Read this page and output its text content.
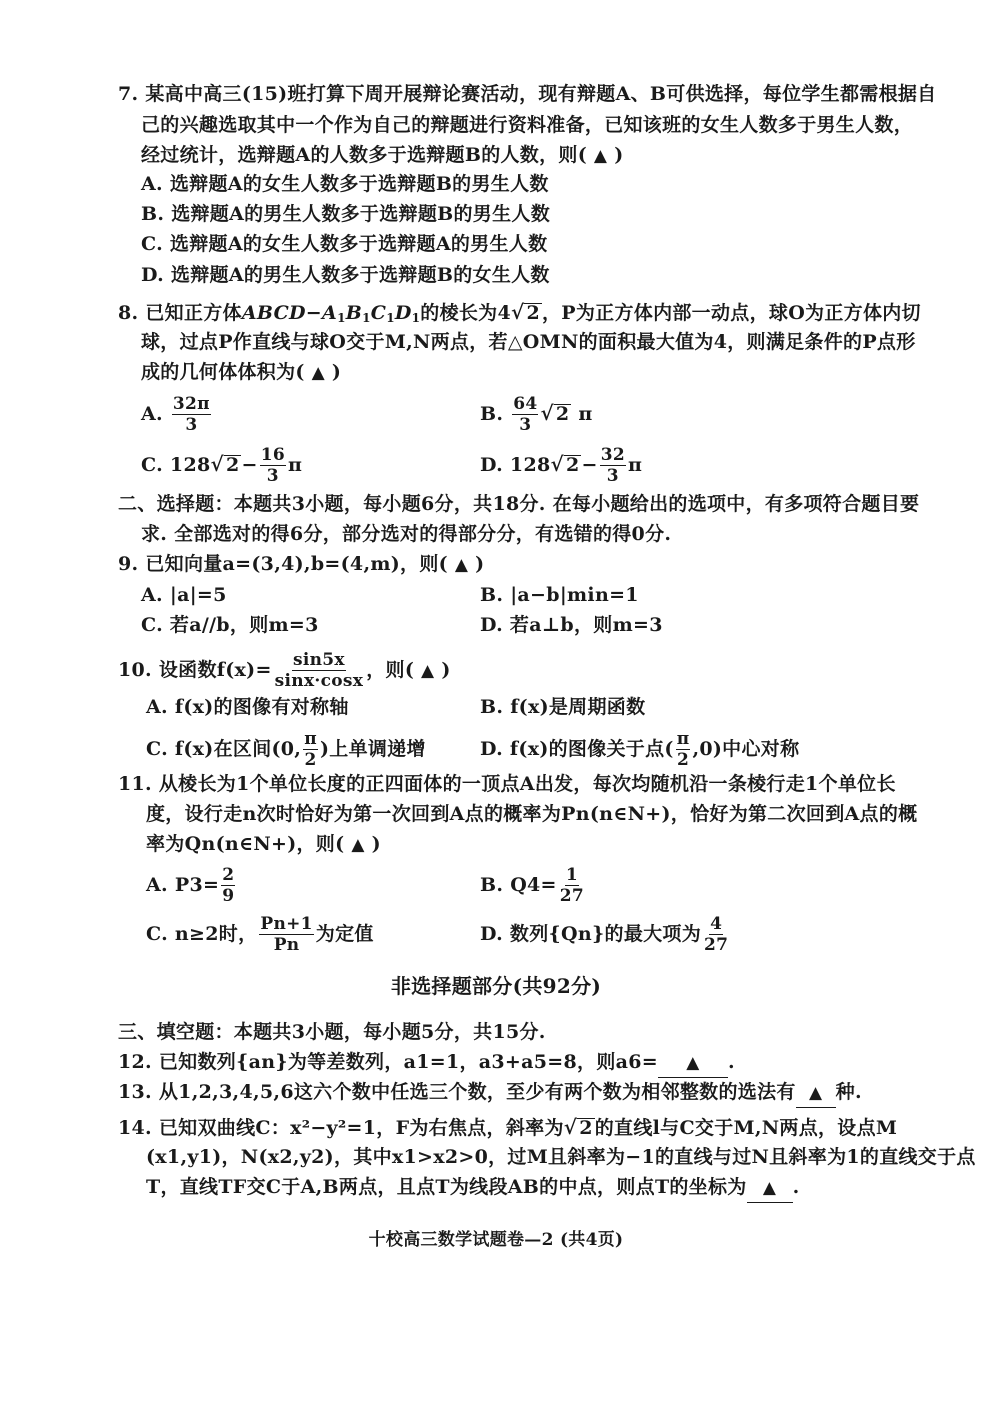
7. 某高中高三(15)班打算下周开展辩论赛活动，现有辩题A、B可供选择，每位学生都需根据自
己的兴趣选取其中一个作为自己的辩题进行资料准备，已知该班的女生人数多于男生人数，
经过统计，选辩题A的人数多于选辩题B的人数，则( ▲ )
A. 选辩题A的女生人数多于选辩题B的男生人数
B. 选辩题A的男生人数多于选辩题B的男生人数
C. 选辩题A的女生人数多于选辩题A的男生人数
D. 选辩题A的男生人数多于选辩题B的女生人数
8. 已知正方体$ABCD-A_1B_1C_1D_1$的棱长为4√ 2 ，P为正方体内部一动点，球O为正方体内切
球，过点P作直线与球O交于M,N两点，若△OMN的面积最大值为4，则满足条件的P点形
成的几何体体积为( ▲ )
A. $\frac{32\pi}{3}$	B. $\frac{64}{3}$ √ 2 π
C. 128√ $2 - \frac{16}{3}$ π	D. 128√ $2 - \frac{32}{3}$ π
二、选择题：本题共3小题，每小题6分，共18分. 在每小题给出的选项中，有多项符合题目要
求. 全部选对的得6分，部分选对的得部分分，有选错的得0分.
9. 已知向量a=(3,4),b=(4,m)，则( ▲ )
A. |a|=5	B. |a−b|min=1
C. 若a//b，则m=3	D. 若a⊥b，则m=3
10. 设函数$f(x)= \frac{\sin 5x}{\sin x\cdot\cos x}$ ，则( ▲ )
A. f(x)的图像有对称轴	B. f(x)是周期函数
C. f(x)在区间(0, $\frac{\pi}{2}$ )上单调递增	D. f(x)的图像关于点( $\frac{\pi}{2} ,0$)中心对称
11. 从棱长为1个单位长度的正四面体的一顶点A出发，每次均随机沿一条棱行走1个单位长
度，设行走n次时恰好为第一次回到A点的概率为Pn(n∈N+)，恰好为第二次回到A点的概
率为Qn(n∈N+)，则( ▲ )
A. $P3= \frac{2}{9}$	B. $Q4= \frac{1}{27}$
C. n≥2时， $\frac{Pn+1}{Pn}$ 为定值	D. 数列{Qn}的最大项为 $\frac{4}{27}$
非选择题部分(共92分)
三、填空题：本题共3小题，每小题5分，共15分.
12. 已知数列{an}为等差数列，a1=1，a3+a5=8，则a6= ▲ .
13. 从1,2,3,4,5,6这六个数中任选三个数，至少有两个数为相邻整数的选法有 ▲ 种.
14. 已知双曲线C：x²−y²=1，F为右焦点，斜率为√ 2 的直线l与C交于M,N两点，设点M
(x1,y1)，N(x2,y2)，其中x1>x2>0，过M且斜率为−1的直线与过N且斜率为1的直线交于点
T，直线TF交C于A,B两点，且点T为线段AB的中点，则点T的坐标为 ▲ .
十校高三数学试题卷—2 (共4页)
